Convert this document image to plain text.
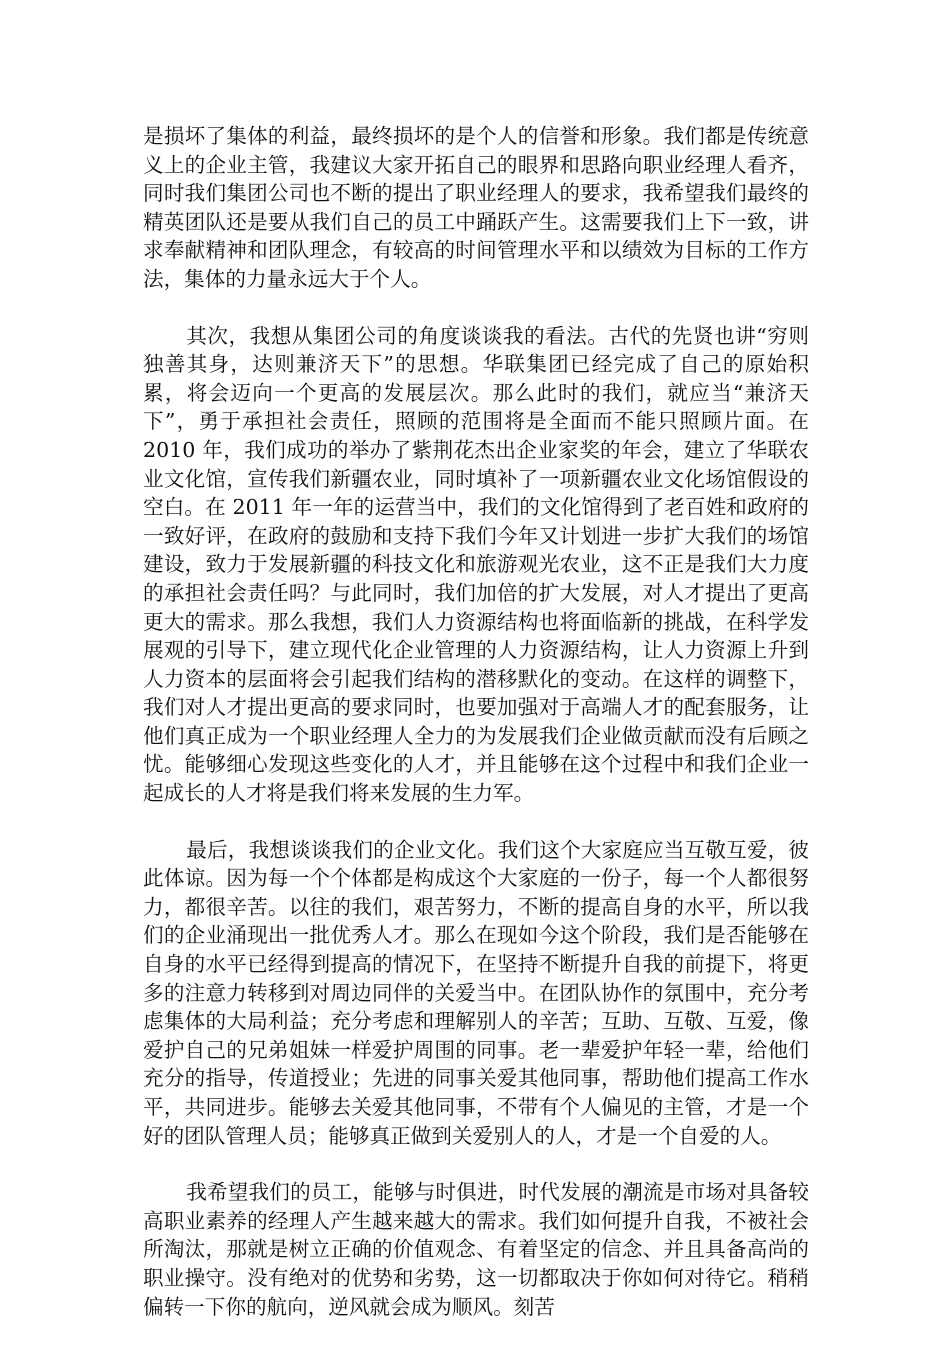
是损坏了集体的利益，最终损坏的是个人的信誉和形象。我们都是传统意义上的企业主管，我建议大家开拓自己的眼界和思路向职业经理人看齐，同时我们集团公司也不断的提出了职业经理人的要求，我希望我们最终的精英团队还是要从我们自己的员工中踊跃产生。这需要我们上下一致，讲求奉献精神和团队理念，有较高的时间管理水平和以绩效为目标的工作方法，集体的力量永远大于个人。

其次，我想从集团公司的角度谈谈我的看法。古代的先贤也讲“穷则独善其身，达则兼济天下”的思想。华联集团已经完成了自己的原始积累，将会迈向一个更高的发展层次。那么此时的我们，就应当“兼济天下”，勇于承担社会责任，照顾的范围将是全面而不能只照顾片面。在 2010 年，我们成功的举办了紫荆花杰出企业家奖的年会，建立了华联农业文化馆，宣传我们新疆农业，同时填补了一项新疆农业文化场馆假设的空白。在 2011 年一年的运营当中，我们的文化馆得到了老百姓和政府的一致好评，在政府的鼓励和支持下我们今年又计划进一步扩大我们的场馆建设，致力于发展新疆的科技文化和旅游观光农业，这不正是我们大力度的承担社会责任吗？与此同时，我们加倍的扩大发展，对人才提出了更高更大的需求。那么我想，我们人力资源结构也将面临新的挑战，在科学发展观的引导下，建立现代化企业管理的人力资源结构，让人力资源上升到人力资本的层面将会引起我们结构的潜移默化的变动。在这样的调整下，我们对人才提出更高的要求同时，也要加强对于高端人才的配套服务，让他们真正成为一个职业经理人全力的为发展我们企业做贡献而没有后顾之忧。能够细心发现这些变化的人才，并且能够在这个过程中和我们企业一起成长的人才将是我们将来发展的生力军。

最后，我想谈谈我们的企业文化。我们这个大家庭应当互敬互爱，彼此体谅。因为每一个个体都是构成这个大家庭的一份子，每一个人都很努力，都很辛苦。以往的我们，艰苦努力，不断的提高自身的水平，所以我们的企业涌现出一批优秀人才。那么在现如今这个阶段，我们是否能够在自身的水平已经得到提高的情况下，在坚持不断提升自我的前提下，将更多的注意力转移到对周边同伴的关爱当中。在团队协作的氛围中，充分考虑集体的大局利益；充分考虑和理解别人的辛苦；互助、互敬、互爱，像爱护自己的兄弟姐妹一样爱护周围的同事。老一辈爱护年轻一辈，给他们充分的指导，传道授业；先进的同事关爱其他同事，帮助他们提高工作水平，共同进步。能够去关爱其他同事，不带有个人偏见的主管，才是一个好的团队管理人员；能够真正做到关爱别人的人，才是一个自爱的人。

我希望我们的员工，能够与时俱进，时代发展的潮流是市场对具备较高职业素养的经理人产生越来越大的需求。我们如何提升自我，不被社会所淘汰，那就是树立正确的价值观念、有着坚定的信念、并且具备高尚的职业操守。没有绝对的优势和劣势，这一切都取决于你如何对待它。稍稍偏转一下你的航向，逆风就会成为顺风。刻苦
